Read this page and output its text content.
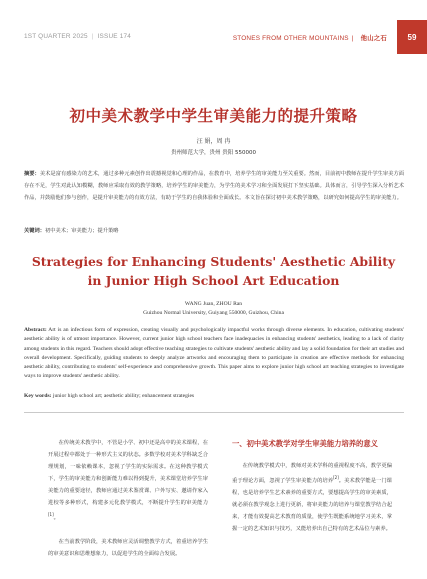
1ST QUARTER 2025 | ISSUE 174	STONES FROM OTHER MOUNTAINS | 他山之石	59
初中美术教学中学生审美能力的提升策略
汪 娟，周 冉
贵州师范大学，贵州 贵阳 550000
摘要：美术是富有感染力的艺术，通过多种元素创作出震撼视觉和心理的作品，在教育中，培养学生的审美能力至关重要。然而，目前初中教师在提升学生审美方面存在不足，学生对此认知模糊，教师应采取有效的教学策略，培养学生的审美能力，为学生的美术学习和全面发展打下坚实基础。具体而言，引导学生深入分析艺术作品，并鼓励他们参与创作，是提升审美能力的有效方法，有助于学生的自我体验和全面成长。本文旨在探讨初中美术教学策略，以研究如何提高学生的审美能力。
关键词：初中美术；审美能力；提升策略
Strategies for Enhancing Students' Aesthetic Ability in Junior High School Art Education
WANG Juan, ZHOU Ran
Guizhou Normal University, Guiyang 550000, Guizhou, China
Abstract: Art is an infectious form of expression, creating visually and psychologically impactful works through diverse elements. In education, cultivating students' aesthetic ability is of utmost importance. However, current junior high school teachers face inadequacies in enhancing students' aesthetics, leading to a lack of clarity among students in this regard. Teachers should adopt effective teaching strategies to cultivate students' aesthetic ability and lay a solid foundation for their art studies and overall development. Specifically, guiding students to deeply analyze artworks and encouraging them to participate in creation are effective methods for enhancing aesthetic ability, contributing to students' self-experience and comprehensive growth. This paper aims to explore junior high school art teaching strategies to investigate ways to improve students' aesthetic ability.
Key words: junior high school art; aesthetic ability; enhancement strategies

在传统美术教学中，不管是小学、初中还是高中的美术课程，在开展过程中都处于一种形式主义的状态。多数学校对美术学科缺乏合理规划，一味依赖课本，忽视了学生的实际需求。在这种教学模式下，学生的审美能力和创新能力难以得到提升，美术课堂培养学生审美能力的重要途径，教师应通过美术鉴赏课、户外写实、邀请作家入进校等多种形式，构建多元化教学模式，不断提升学生的审美能力[1]。

在当前教学阶段，美术教师应灵活调整教学方式，着重培养学生的审美意识和思维想象力，以促进学生的全面综合发展。

一、初中美术教学对学生审美能力培养的意义

在传统教学模式中，教师对美术学科的重视程度不高，教学更偏重于理论方面，忽视了学生审美能力的培养[2]。美术教学能是一门课程，也是培养学生艺术素养的重要方式，要想提高学生的审美素质，就必须在教学观念上进行更新，将审美能力的培养与课堂教学结合起来，才能有效提高艺术教育的质量，使学生既能系统地学习美术，掌握一定的艺术知识与技巧，又能培养出自己特有的艺术品位与素养。
